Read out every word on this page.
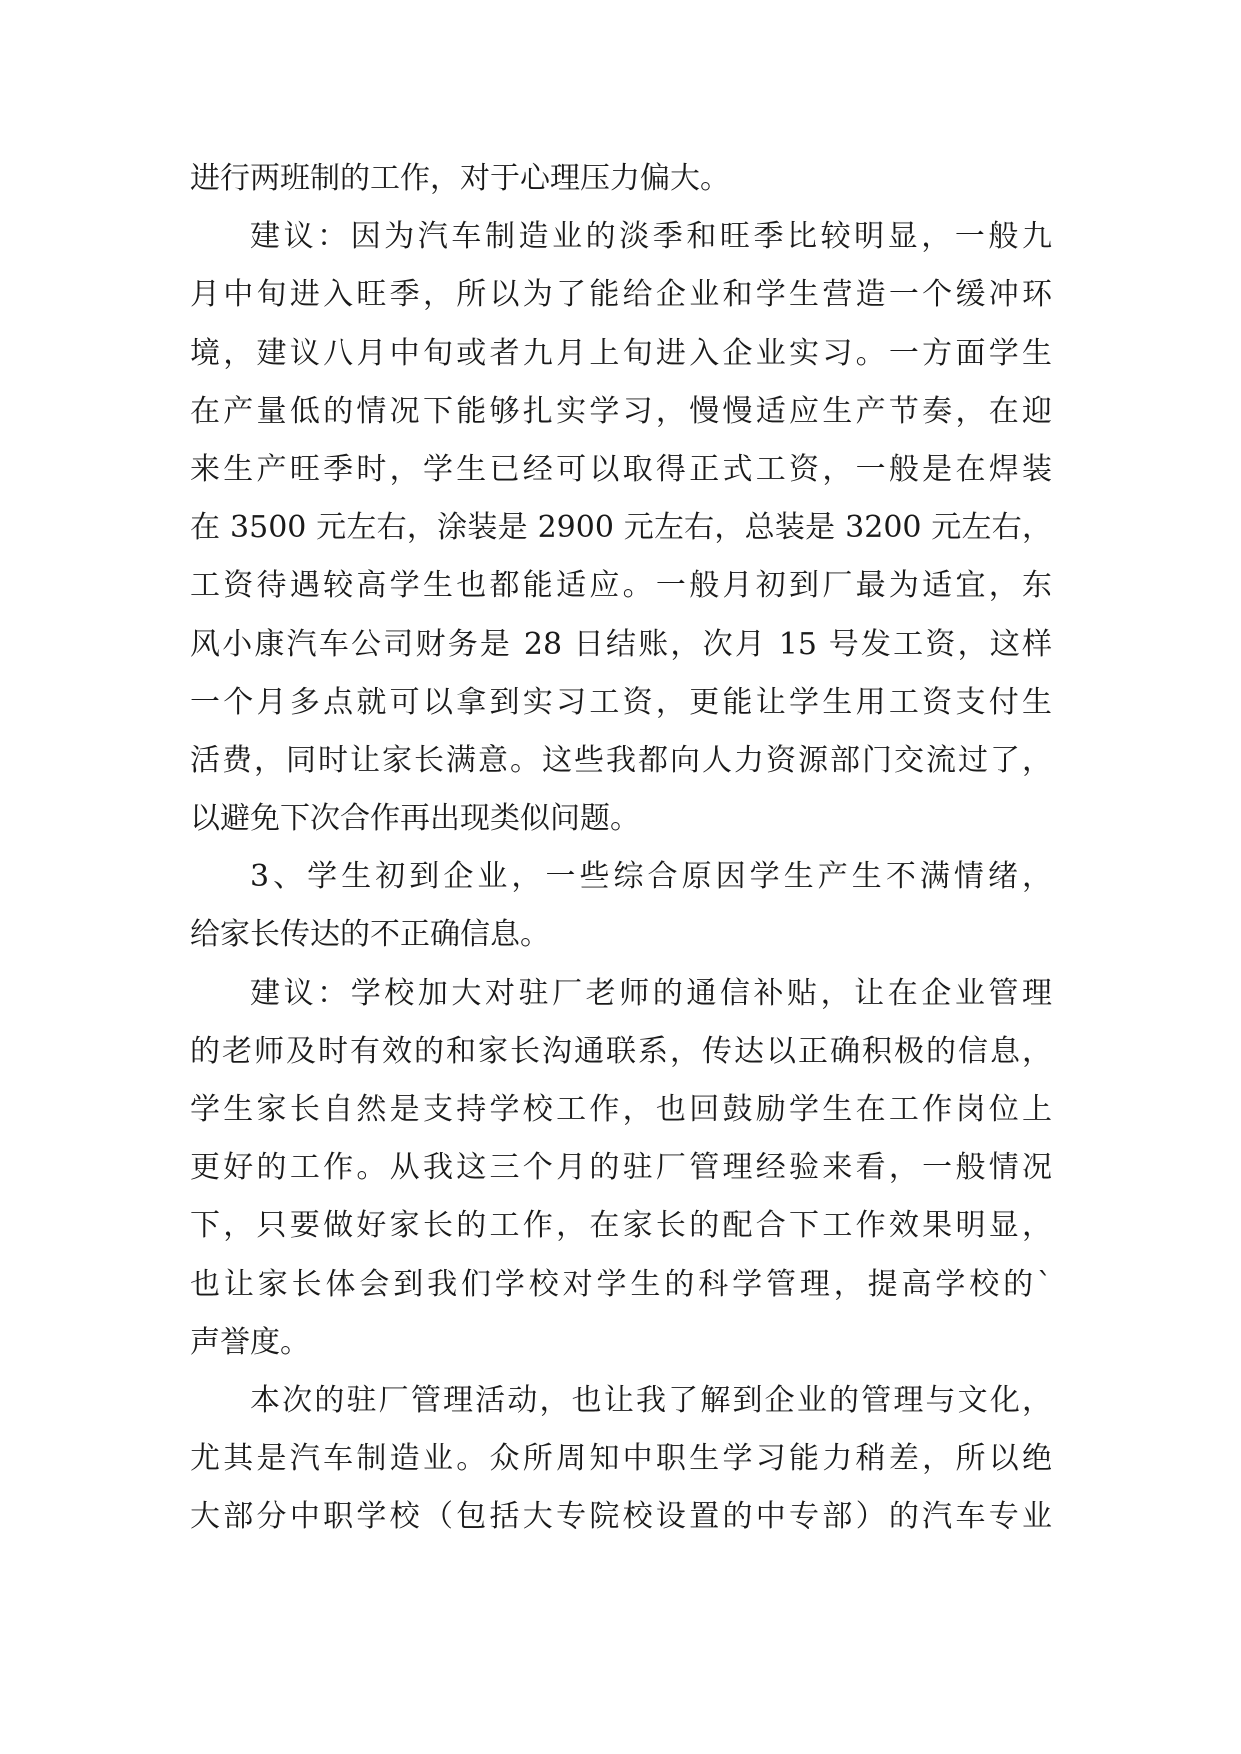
进行两班制的工作，对于心理压力偏大。
建议：因为汽车制造业的淡季和旺季比较明显，一般九
月中旬进入旺季，所以为了能给企业和学生营造一个缓冲环
境，建议八月中旬或者九月上旬进入企业实习。一方面学生
在产量低的情况下能够扎实学习，慢慢适应生产节奏，在迎
来生产旺季时，学生已经可以取得正式工资，一般是在焊装
在 3500 元左右，涂装是 2900 元左右，总装是 3200 元左右，
工资待遇较高学生也都能适应。一般月初到厂最为适宜，东
风小康汽车公司财务是 28 日结账，次月 15 号发工资，这样
一个月多点就可以拿到实习工资，更能让学生用工资支付生
活费，同时让家长满意。这些我都向人力资源部门交流过了，
以避免下次合作再出现类似问题。
3、学生初到企业，一些综合原因学生产生不满情绪，
给家长传达的不正确信息。
建议：学校加大对驻厂老师的通信补贴，让在企业管理
的老师及时有效的和家长沟通联系，传达以正确积极的信息，
学生家长自然是支持学校工作，也回鼓励学生在工作岗位上
更好的工作。从我这三个月的驻厂管理经验来看，一般情况
下，只要做好家长的工作，在家长的配合下工作效果明显，
也让家长体会到我们学校对学生的科学管理，提高学校的`
声誉度。
本次的驻厂管理活动，也让我了解到企业的管理与文化，
尤其是汽车制造业。众所周知中职生学习能力稍差，所以绝
大部分中职学校（包括大专院校设置的中专部）的汽车专业
